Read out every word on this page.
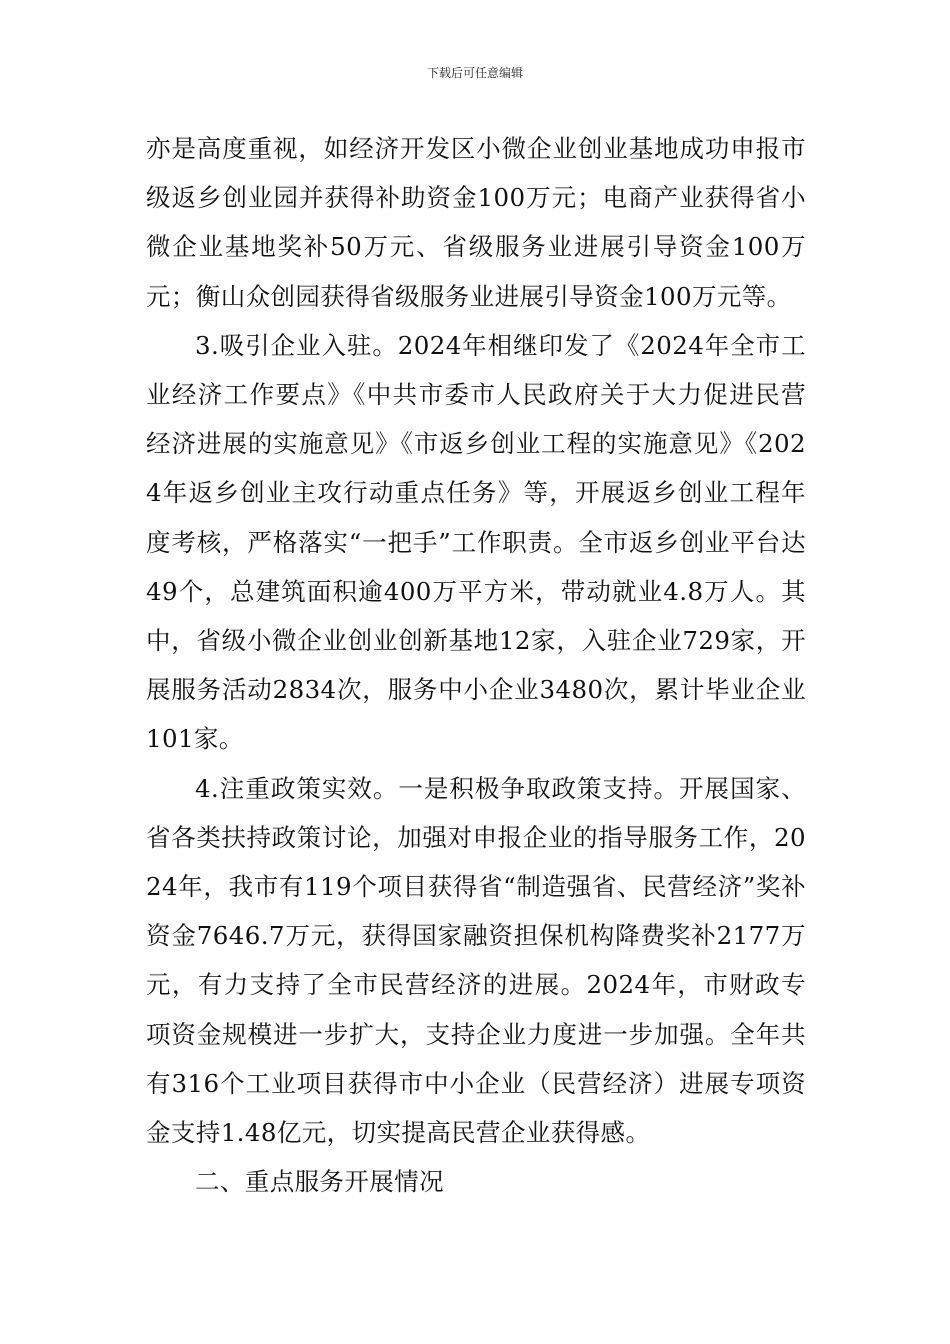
下载后可任意编辑

亦是高度重视，如经济开发区小微企业创业基地成功申报市级返乡创业园并获得补助资金100万元；电商产业获得省小微企业基地奖补50万元、省级服务业进展引导资金100万元；衡山众创园获得省级服务业进展引导资金100万元等。

3.吸引企业入驻。2024年相继印发了《2024年全市工业经济工作要点》《中共市委市人民政府关于大力促进民营经济进展的实施意见》《市返乡创业工程的实施意见》《2024年返乡创业主攻行动重点任务》等，开展返乡创业工程年度考核，严格落实“一把手”工作职责。全市返乡创业平台达49个，总建筑面积逾400万平方米，带动就业4.8万人。其中，省级小微企业创业创新基地12家，入驻企业729家，开展服务活动2834次，服务中小企业3480次，累计毕业企业101家。

4.注重政策实效。一是积极争取政策支持。开展国家、省各类扶持政策讨论，加强对申报企业的指导服务工作，2024年，我市有119个项目获得省“制造强省、民营经济”奖补资金7646.7万元，获得国家融资担保机构降费奖补2177万元，有力支持了全市民营经济的进展。2024年，市财政专项资金规模进一步扩大，支持企业力度进一步加强。全年共有316个工业项目获得市中小企业（民营经济）进展专项资金支持1.48亿元，切实提高民营企业获得感。

二、重点服务开展情况
